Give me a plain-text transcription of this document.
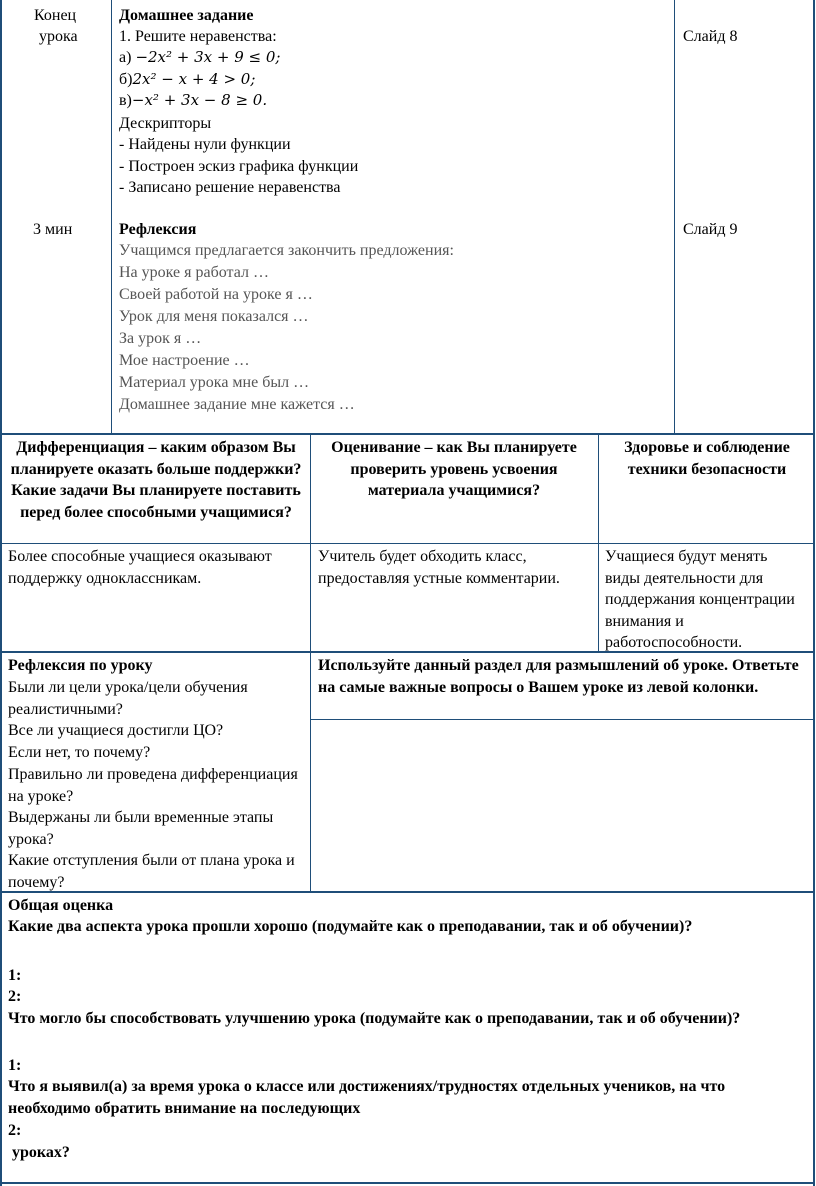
Конец
урока
Домашнее задание
1. Решите неравенства:
а) −2x² + 3x + 9 ≤ 0;
б)2x² − x + 4 > 0;
в)−x² + 3x − 8 ≥ 0.
Дескрипторы
- Найдены нули функции
- Построен эскиз графика функции
- Записано решение неравенства
Слайд 8
3 мин	Рефлексия
Учащимся предлагается закончить предложения:
На уроке я работал …
Своей работой на уроке я …
Урок для меня показался …
За урок я …
Мое настроение …
Материал урока мне был …
Домашнее задание мне кажется …
Слайд 9
Дифференциация – каким образом Вы планируете оказать больше поддержки? Какие задачи Вы планируете поставить перед более способными учащимися?
Оценивание – как Вы планируете проверить уровень усвоения материала учащимися?
Здоровье и соблюдение техники безопасности
Более способные учащиеся оказывают поддержку одноклассникам.
Учитель будет обходить класс, предоставляя устные комментарии.
Учащиеся будут менять виды деятельности для поддержания концентрации внимания и работоспособности.
Рефлексия по уроку
Были ли цели урока/цели обучения реалистичными?
Все ли учащиеся достигли ЦО?
Если нет, то почему?
Правильно ли проведена дифференциация на уроке?
Выдержаны ли были временные этапы урока?
Какие отступления были от плана урока и почему?
Используйте данный раздел для размышлений об уроке. Ответьте на самые важные вопросы о Вашем уроке из левой колонки.
Общая оценка
Какие два аспекта урока прошли хорошо (подумайте как о преподавании, так и об обучении)?
1:
2:
Что могло бы способствовать улучшению урока (подумайте как о преподавании, так и об обучении)?
1:
Что я выявил(а) за время урока о классе или достижениях/трудностях отдельных учеников, на что необходимо обратить внимание на последующих
2:
уроках?
